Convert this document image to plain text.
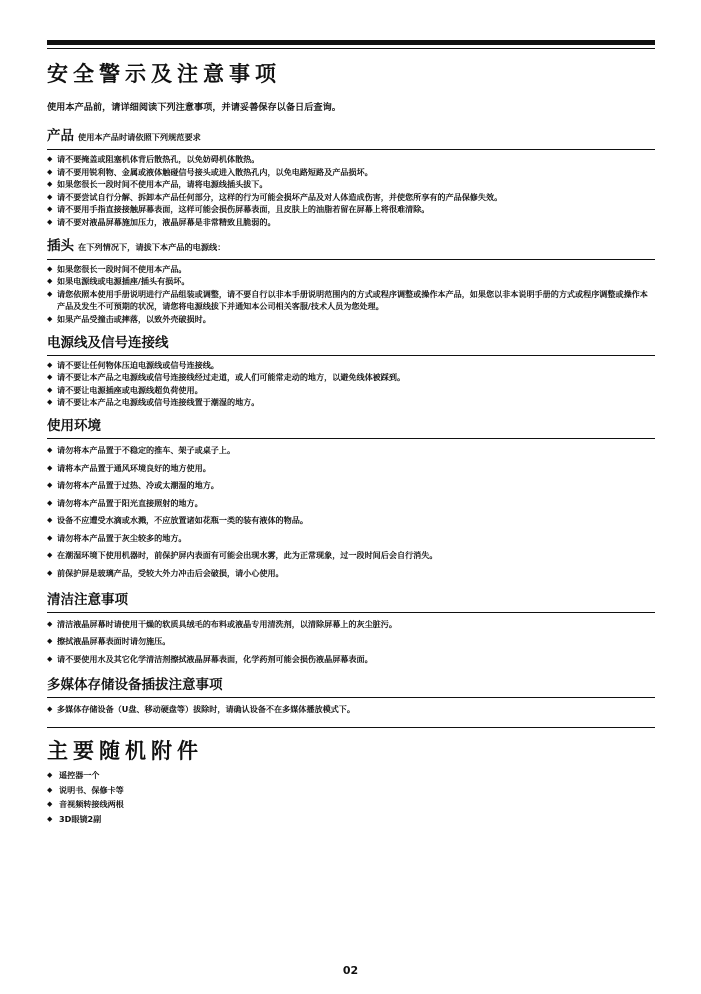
安全警示及注意事项
使用本产品前，请详细阅读下列注意事项，并请妥善保存以备日后查询。
产品 使用本产品时请依照下列规范要求
◆ 请不要掩盖或阻塞机体背后散热孔，以免妨碍机体散热。
◆ 请不要用锐利物、金属或液体触碰信号接头或进入散热孔内，以免电路短路及产品损坏。
◆ 如果您很长一段时间不使用本产品，请将电源线插头拔下。
◆ 请不要尝试自行分解、拆卸本产品任何部分，这样的行为可能会损坏产品及对人体造成伤害，并使您所享有的产品保修失效。
◆ 请不要用手指直接接触屏幕表面，这样可能会损伤屏幕表面，且皮肤上的油脂若留在屏幕上将很难清除。
◆ 请不要对液晶屏幕施加压力，液晶屏幕是非常精致且脆弱的。
插头 在下列情况下，请拔下本产品的电源线：
◆ 如果您很长一段时间不使用本产品。
◆ 如果电源线或电源插座/插头有损坏。
◆ 请您依照本使用手册说明进行产品组装或调整，请不要自行以非本手册说明范围内的方式或程序调整或操作本产品，如果您以非本说明手册的方式或程序调整或操作本产品及发生不可预期的状况，请您将电源线拔下并通知本公司相关客服/技术人员为您处理。
◆ 如果产品受撞击或摔落，以致外壳破损时。
电源线及信号连接线
◆ 请不要让任何物体压迫电源线或信号连接线。
◆ 请不要让本产品之电源线或信号连接线经过走道，或人们可能常走动的地方，以避免线体被踩到。
◆ 请不要让电源插座或电源线超负荷使用。
◆ 请不要让本产品之电源线或信号连接线置于潮湿的地方。
使用环境
◆ 请勿将本产品置于不稳定的推车、架子或桌子上。
◆ 请将本产品置于通风环境良好的地方使用。
◆ 请勿将本产品置于过热、冷或太潮湿的地方。
◆ 请勿将本产品置于阳光直接照射的地方。
◆ 设备不应遭受水滴或水溅，不应放置诸如花瓶一类的装有液体的物品。
◆ 请勿将本产品置于灰尘较多的地方。
◆ 在潮湿环境下使用机器时，前保护屏内表面有可能会出现水雾，此为正常现象，过一段时间后会自行消失。
◆ 前保护屏是玻璃产品，受较大外力冲击后会破损，请小心使用。
清洁注意事项
◆ 清洁液晶屏幕时请使用干燥的软质具绒毛的布料或液晶专用清洗剂，以清除屏幕上的灰尘脏污。
◆ 擦拭液晶屏幕表面时请勿施压。
◆ 请不要使用水及其它化学清洁剂擦拭液晶屏幕表面，化学药剂可能会损伤液晶屏幕表面。
多媒体存储设备插拔注意事项
◆ 多媒体存储设备（U盘、移动硬盘等）拔除时，请确认设备不在多媒体播放模式下。
主要随机附件
◆ 遥控器一个
◆ 说明书、保修卡等
◆ 音视频转接线两根
◆ 3D眼镜2副
02
